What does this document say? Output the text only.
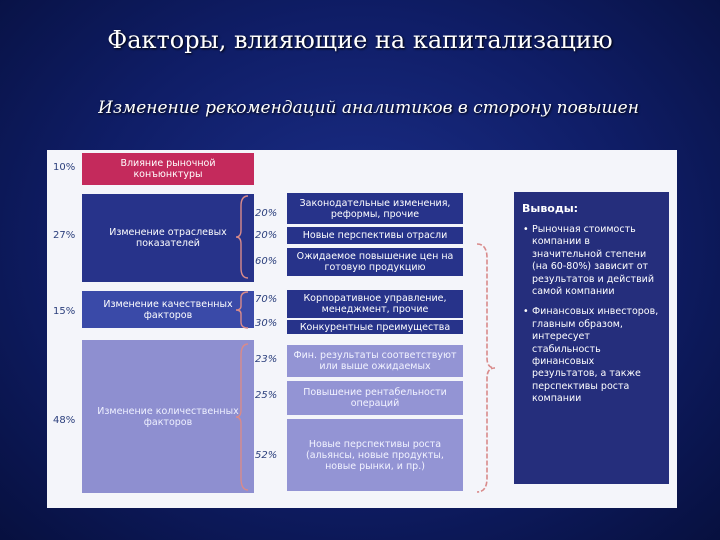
Факторы, влияющие на капитализацию
Изменение рекомендаций аналитиков в сторону повышен
10%
27%
15%
48%
Влияние рыночной конъюнктуры
Изменение отраслевых показателей
Изменение качественных факторов
Изменение количественных факторов
20%
20%
60%
70%
30%
23%
25%
52%
Законодательные изменения, реформы, прочие
Новые перспективы отрасли
Ожидаемое повышение цен на готовую продукцию
Корпоративное управление, менеджмент, прочие
Конкурентные преимущества
Фин. результаты соответствуют или выше ожидаемых
Повышение рентабельности операций
Новые перспективы роста (альянсы, новые продукты, новые рынки, и пр.)
Выводы:
• Рыночная стоимость компании в значительной степени (на 60-80%) зависит от результатов и действий самой компании
• Финансовых инвесторов, главным образом, интересует стабильность финансовых результатов, а также перспективы роста компании
